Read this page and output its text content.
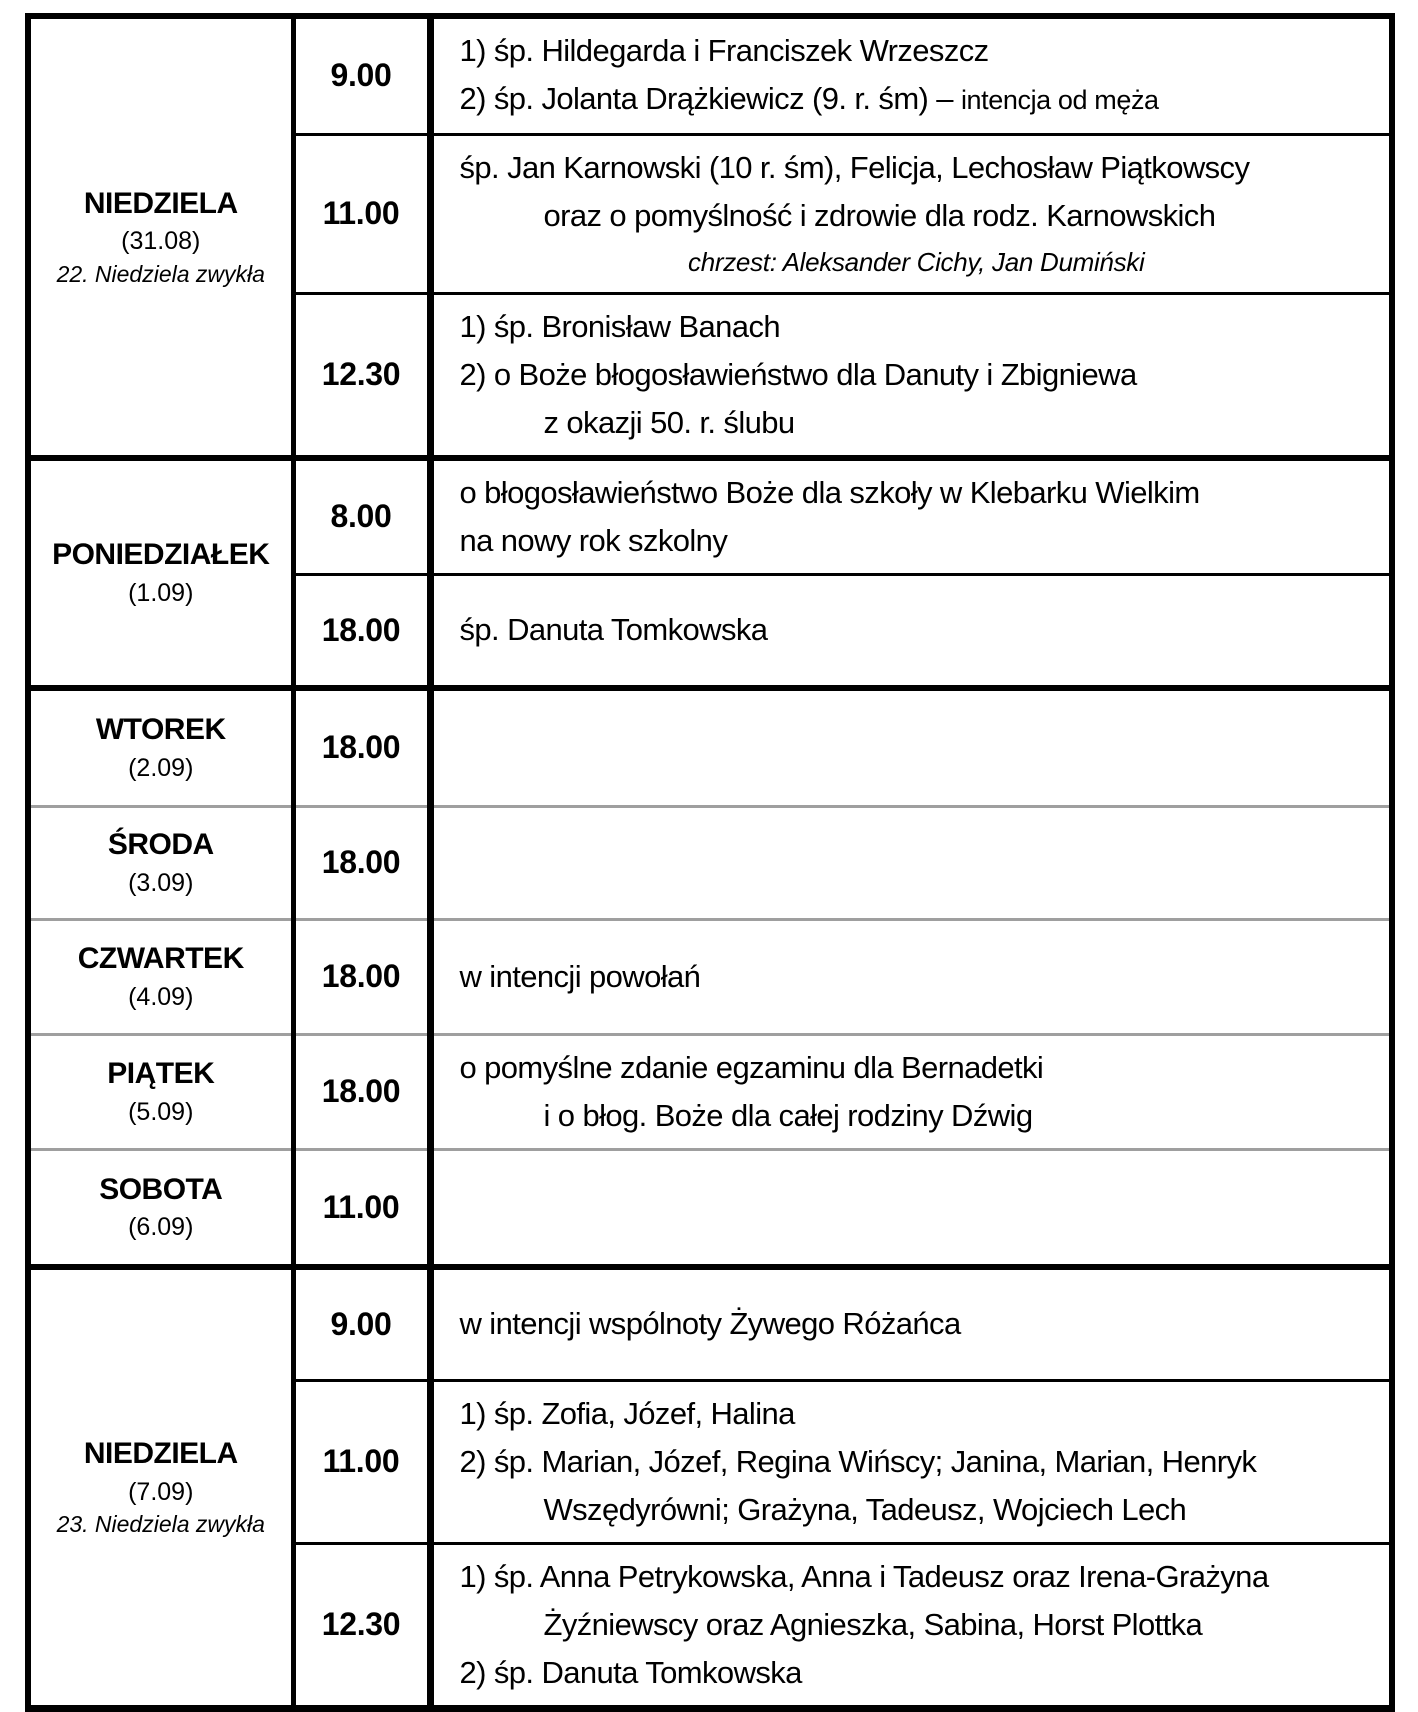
NIEDZIELA
(31.08)
22. Niedziela zwykła
	9.00	
1) śp. Hildegarda i Franciszek Wrzeszcz
2) śp. Jolanta Drążkiewicz (9. r. śm) – intencja od męża

	11.00	śp. Jan Karnowski (10 r. śm), Felicja, Lechosław Piątkowscy
oraz o pomyślność i zdrowie dla rodz. Karnowskich
chrzest: Aleksander Cichy, Jan Dumiński

	12.30	1) śp. Bronisław Banach
2) o Boże błogosławieństwo dla Danuty i Zbigniewa
z okazji 50. r. ślubu

PONIEDZIAŁEK
(1.09)
	8.00	
o błogosławieństwo Boże dla szkoły w Klebarku Wielkim
na nowy rok szkolny

	18.00	śp. Danuta Tomkowska

WTOREK
(2.09)	18.00	

ŚRODA
(3.09)	18.00	

CZWARTEK
(4.09)	18.00	w intencji powołań

PIĄTEK
(5.09)
	18.00	
o pomyślne zdanie egzaminu dla Bernadetki
i o błog. Boże dla całej rodziny Dźwig

SOBOTA
(6.09)	11.00	

NIEDZIELA
(7.09)
23. Niedziela zwykła	9.00	w intencji wspólnoty Żywego Różańca

	11.00	1) śp. Zofia, Józef, Halina
2) śp. Marian, Józef, Regina Wińscy; Janina, Marian, Henryk
Wszędyrówni; Grażyna, Tadeusz, Wojciech Lech

	12.30	1) śp. Anna Petrykowska, Anna i Tadeusz oraz Irena-Grażyna
Żyźniewscy oraz Agnieszka, Sabina, Horst Plottka
2) śp. Danuta Tomkowska
